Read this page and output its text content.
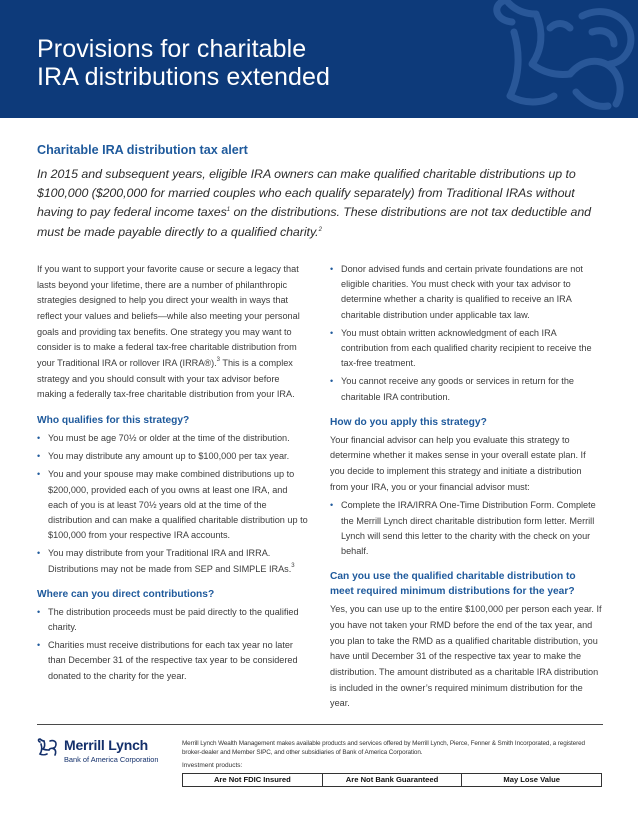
Provisions for charitable
IRA distributions extended
Charitable IRA distribution tax alert

In 2015 and subsequent years, eligible IRA owners can make qualified charitable distributions up to $100,000 ($200,000 for married couples who each qualify separately) from Traditional IRAs without having to pay federal income taxes$^1$ on the distributions. These distributions are not tax deductible and must be made payable directly to a qualified charity.$^2$

If you want to support your favorite cause or secure a legacy that lasts beyond your lifetime, there are a number of philanthropic strategies designed to help you direct your wealth in ways that reflect your values and beliefs—while also meeting your personal goals and providing tax benefits. One strategy you may want to consider is to make a federal tax-free charitable distribution from your Traditional IRA or rollover IRA (IRRA®).$^3$ This is a complex strategy and you should consult with your tax advisor before making a federally tax-free charitable distribution from your IRA.

Who qualifies for this strategy?
• You must be age 70½ or older at the time of the distribution.
• You may distribute any amount up to $100,000 per tax year.
• You and your spouse may make combined distributions up to $200,000, provided each of you owns at least one IRA, and each of you is at least 70½ years old at the time of the distribution and can make a qualified charitable distribution up to $100,000 from your respective IRA accounts.
• You may distribute from your Traditional IRA and IRRA. Distributions may not be made from SEP and SIMPLE IRAs.$^3$
Where can you direct contributions?
• The distribution proceeds must be paid directly to the qualified charity.
• Charities must receive distributions for each tax year no later than December 31 of the respective tax year to be considered donated to the charity for the year.
• Donor advised funds and certain private foundations are not eligible charities. You must check with your tax advisor to determine whether a charity is qualified to receive an IRA charitable distribution under applicable tax law.
• You must obtain written acknowledgment of each IRA contribution from each qualified charity recipient to receive the tax-free treatment.
• You cannot receive any goods or services in return for the charitable IRA contribution.
How do you apply this strategy?

Your financial advisor can help you evaluate this strategy to determine whether it makes sense in your overall estate plan. If you decide to implement this strategy and initiate a distribution from your IRA, you or your financial advisor must:

• Complete the IRA/IRRA One-Time Distribution Form. Complete the Merrill Lynch direct charitable distribution form letter. Merrill Lynch will send this letter to the charity with the check on your behalf.
Can you use the qualified charitable distribution to meet required minimum distributions for the year?

Yes, you can use up to the entire $100,000 per person each year. If you have not taken your RMD before the end of the tax year, and you plan to take the RMD as a qualified charitable distribution, you have until December 31 of the respective tax year to make the distribution. The amount distributed as a charitable IRA distribution is included in the owner’s required minimum distribution for the year.

Merrill Lynch
Bank of America Corporation
Merrill Lynch Wealth Management makes available products and services offered by Merrill Lynch, Pierce, Fenner & Smith Incorporated, a registered broker-dealer and Member SIPC, and other subsidiaries of Bank of America Corporation.
Investment products:
Are Not FDIC Insured	Are Not Bank Guaranteed	May Lose Value
